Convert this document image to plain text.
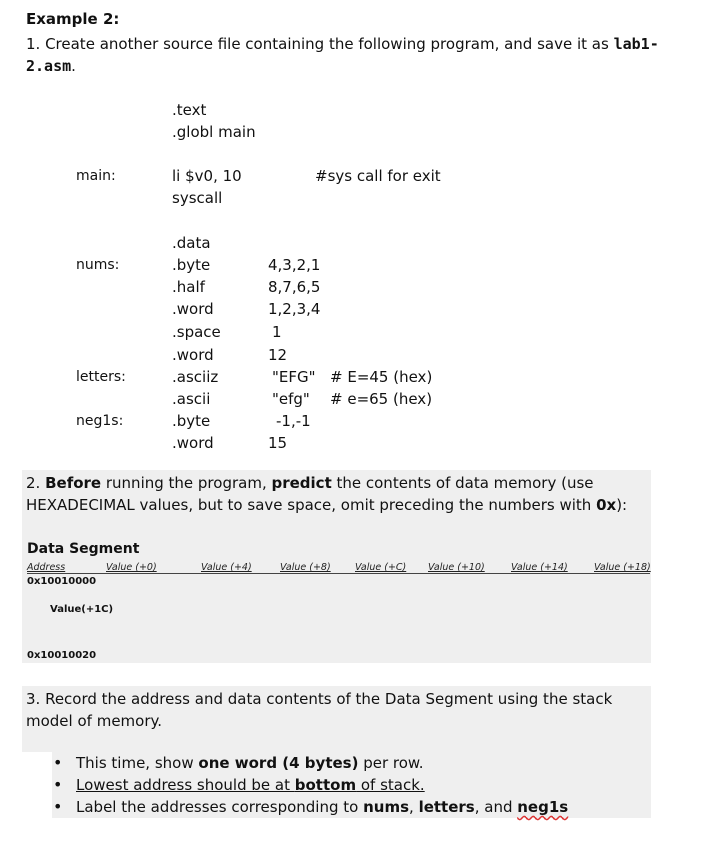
Example 2:
1. Create another source file containing the following program, and save it as lab1-2.asm.
.text
.globl main
main:	li $v0, 10	#sys call for exit
syscall
.data
nums:	.byte	4,3,2,1
.half	8,7,6,5
.word	1,2,3,4
.space	1
.word	12
letters:	.asciiz	"EFG" # E=45 (hex)
.ascii	"efg" # e=65 (hex)
neg1s:	.byte	-1,-1
.word	15
2. Before running the program, predict the contents of data memory (use HEXADECIMAL values, but to save space, omit preceding the numbers with 0x):
Data Segment
Address	Value (+0)	Value (+4)	Value (+8)	Value (+C) Value (+10)	Value (+14)	Value (+18)
0x10010000
Value(+1C)
0x10010020
3. Record the address and data contents of the Data Segment using the stack model of memory.
• This time, show one word (4 bytes) per row.
• Lowest address should be at bottom of stack.
• Label the addresses corresponding to nums, letters, and neg1s
